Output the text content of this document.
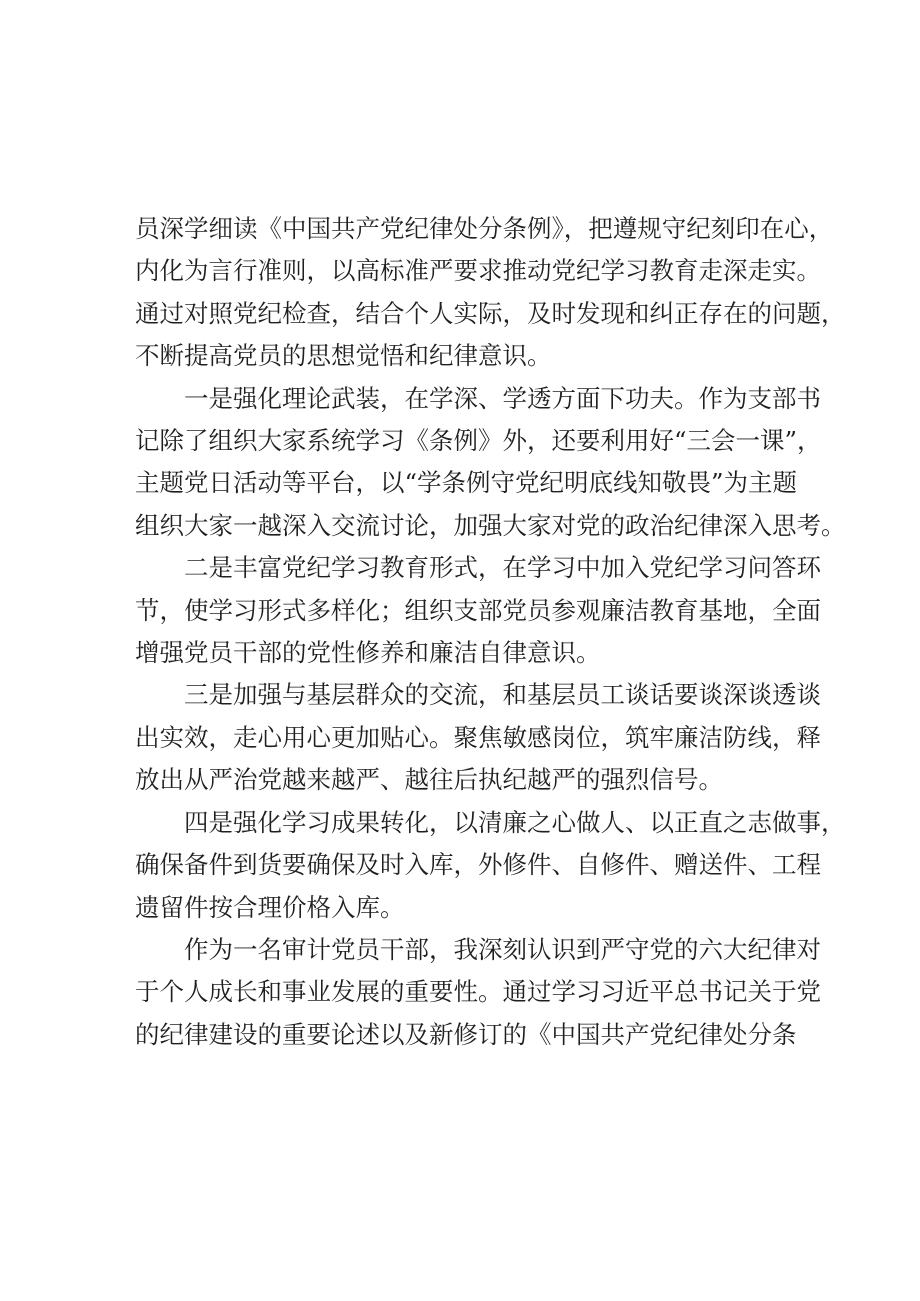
员深学细读《中国共产党纪律处分条例》，把遵规守纪刻印在心，
内化为言行准则，以高标准严要求推动党纪学习教育走深走实。
通过对照党纪检查，结合个人实际，及时发现和纠正存在的问题，
不断提高党员的思想觉悟和纪律意识。
一是强化理论武装，在学深、学透方面下功夫。作为支部书
记除了组织大家系统学习《条例》外，还要利用好“三会一课”，
主题党日活动等平台，以“学条例守党纪明底线知敬畏”为主题
组织大家一越深入交流讨论，加强大家对党的政治纪律深入思考。
二是丰富党纪学习教育形式，在学习中加入党纪学习问答环
节，使学习形式多样化；组织支部党员参观廉洁教育基地，全面
增强党员干部的党性修养和廉洁自律意识。
三是加强与基层群众的交流，和基层员工谈话要谈深谈透谈
出实效，走心用心更加贴心。聚焦敏感岗位，筑牢廉洁防线，释
放出从严治党越来越严、越往后执纪越严的强烈信号。
四是强化学习成果转化，以清廉之心做人、以正直之志做事，
确保备件到货要确保及时入库，外修件、自修件、赠送件、工程
遗留件按合理价格入库。
作为一名审计党员干部，我深刻认识到严守党的六大纪律对
于个人成长和事业发展的重要性。通过学习习近平总书记关于党
的纪律建设的重要论述以及新修订的《中国共产党纪律处分条
